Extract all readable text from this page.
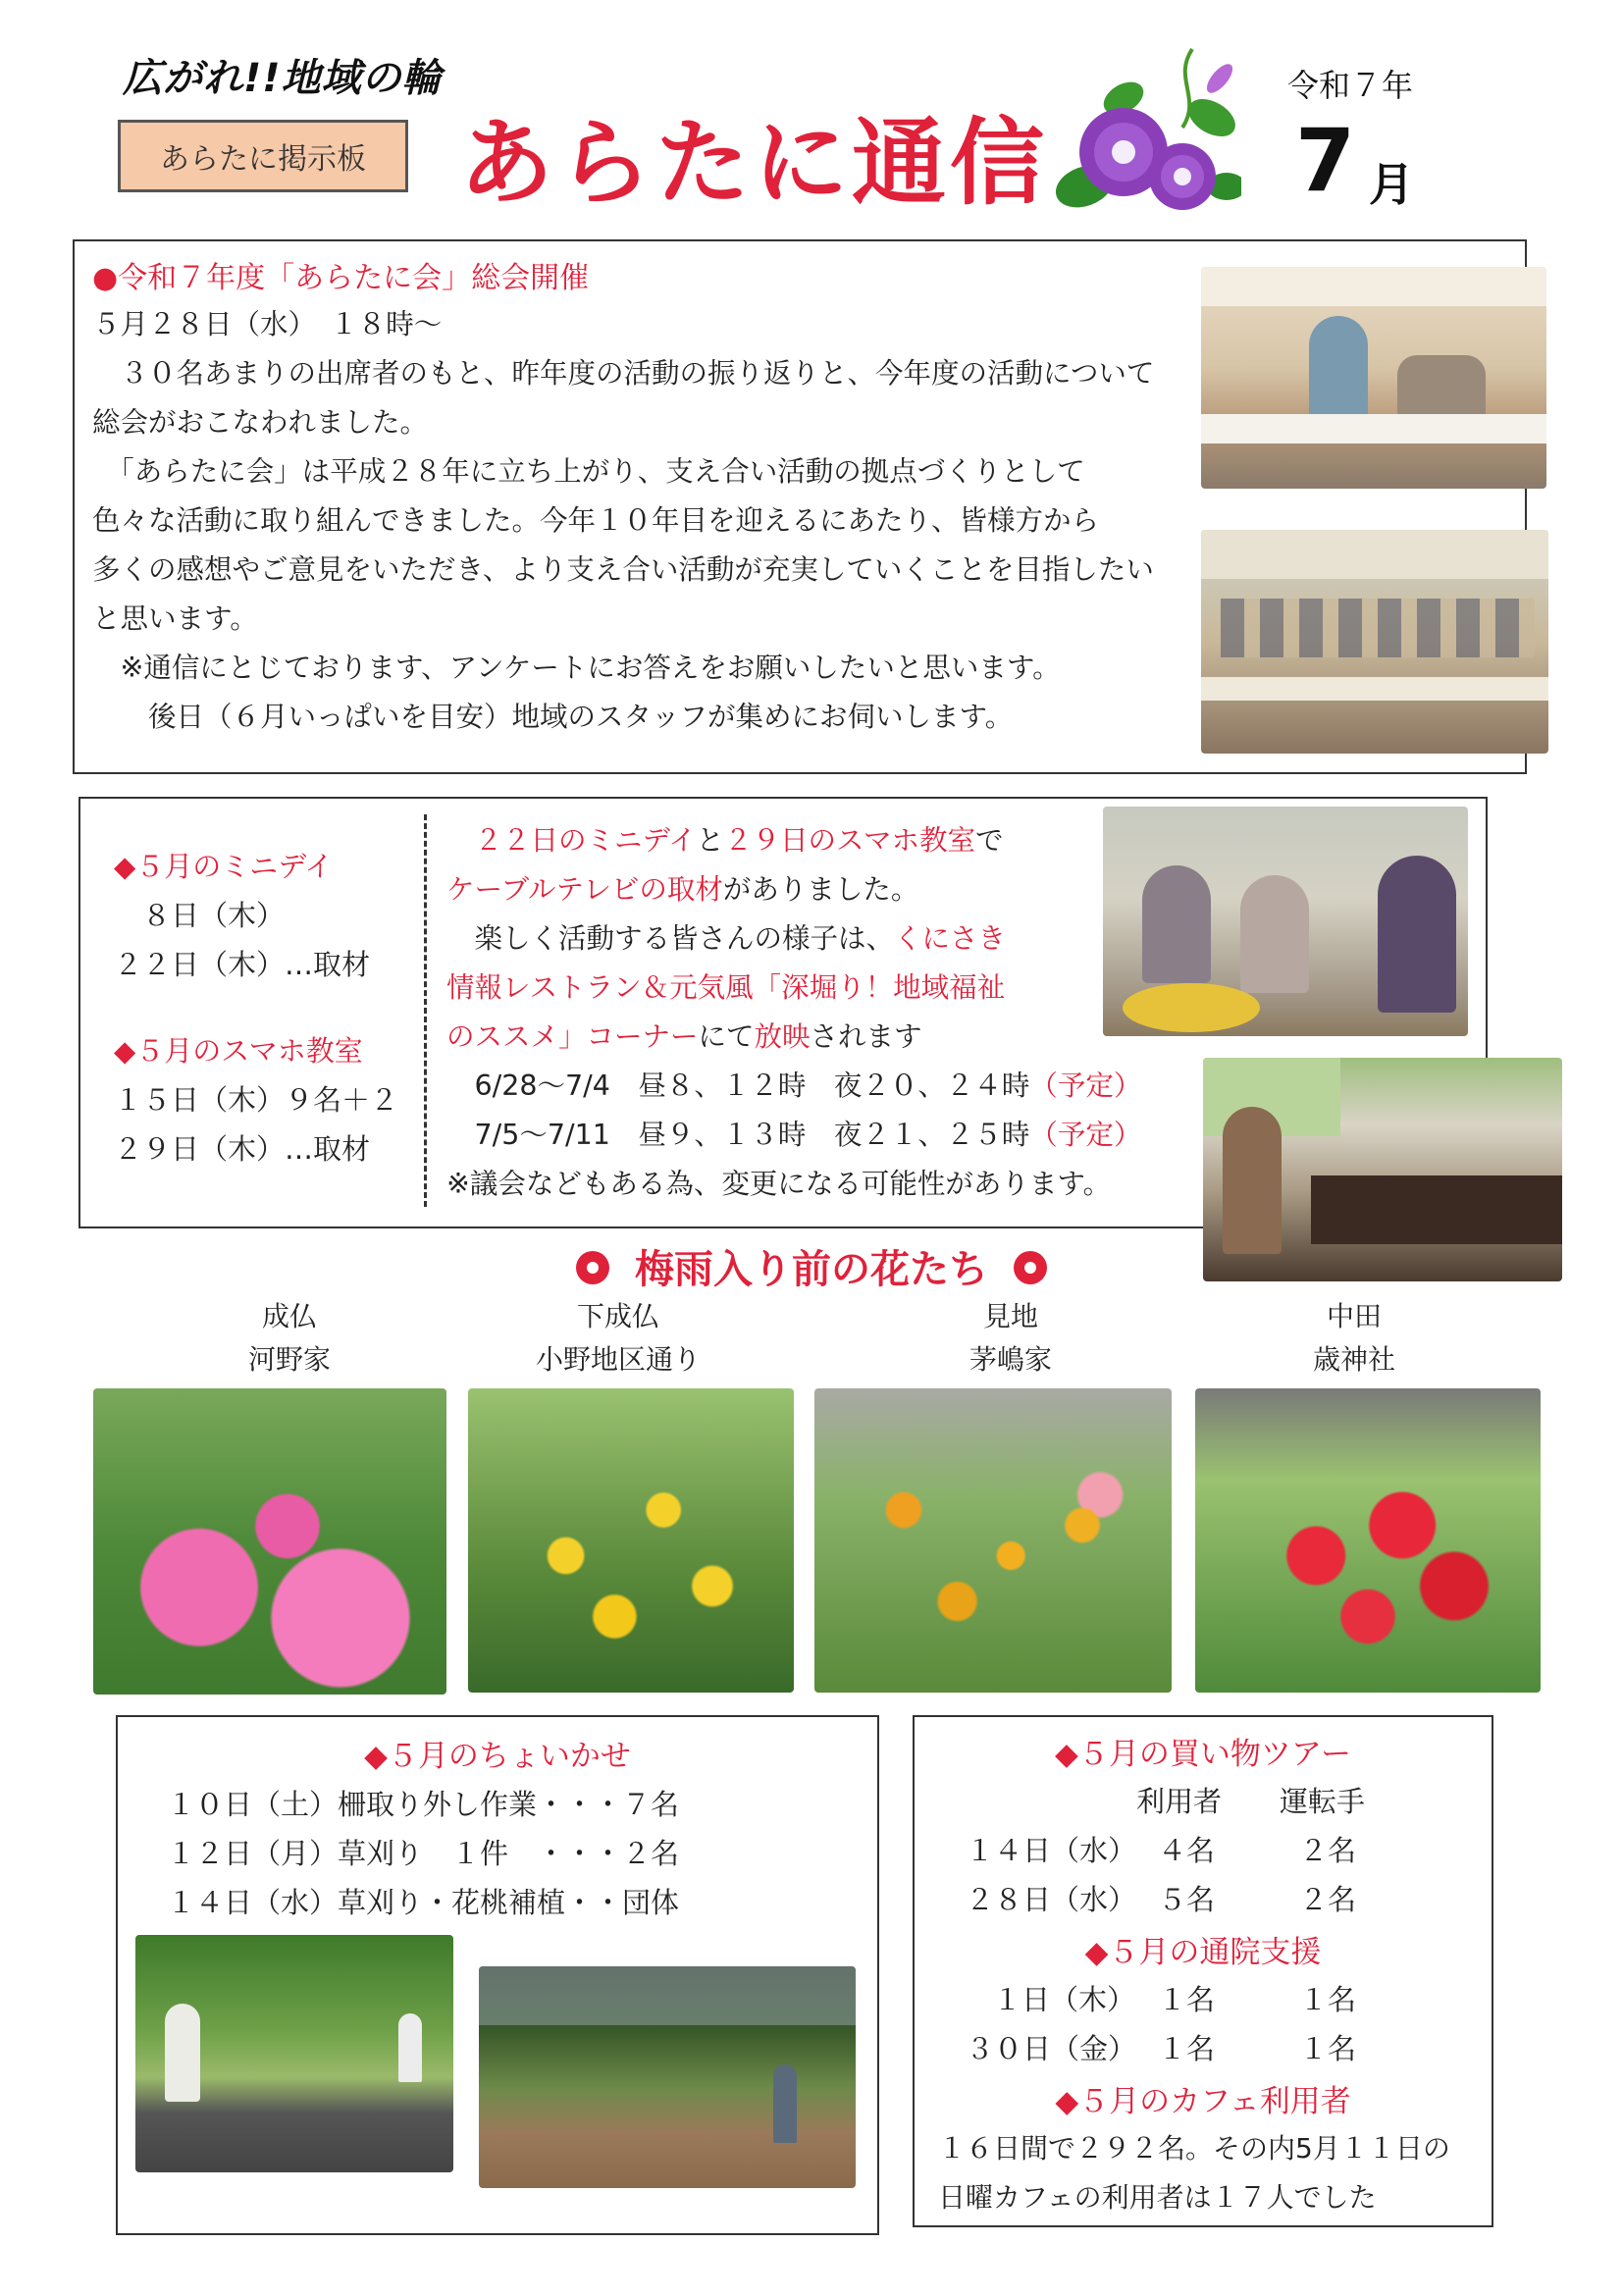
広がれ!!地域の輪
あらたに掲示板 あらたに通信
令和７年
7 月
●令和７年度「あらたに会」総会開催
５月２８日（水）　１８時～
　３０名あまりの出席者のもと、昨年度の活動の振り返りと、今年度の活動について
総会がおこなわれました。
　「あらたに会」は平成２８年に立ち上がり、支え合い活動の拠点づくりとして
色々な活動に取り組んできました。今年１０年目を迎えるにあたり、皆様方から
多くの感想やご意見をいただき、より支え合い活動が充実していくことを目指したい
と思います。
　※通信にとじております、アンケートにお答えをお願いしたいと思います。
　　後日（６月いっぱいを目安）地域のスタッフが集めにお伺いします。
◆５月のミニデイ
　８日（木）
２２日（木）…取材
◆５月のスマホ教室
１５日（木）９名＋２
２９日（木）…取材
　２２日のミニデイと２９日のスマホ教室で
ケーブルテレビの取材がありました。
　楽しく活動する皆さんの様子は、くにさき
情報レストラン＆元気風「深堀り！地域福祉
のススメ」コーナーにて放映されます
　6/28～7/4　昼８、１２時　夜２０、２４時（予定）
　7/5～7/11　昼９、１３時　夜２１、２５時（予定）
※議会などもある為、変更になる可能性があります。
梅雨入り前の花たち
成仏
河野家
下成仏
小野地区通り
見地
茅嶋家
中田
歳神社
◆５月のちょいかせ
１０日（土）柵取り外し作業・・・７名
１２日（月）草刈り　１件　・・・２名
１４日（水）草刈り・花桃補植・・団体
◆５月の買い物ツアー
利用者 運転手
１４日（水） ４名	２名
２８日（水） ５名	２名
◆５月の通院支援
１日（木） １名	１名
３０日（金） １名	１名
◆５月のカフェ利用者
１６日間で２９２名。その内5月１１日の
日曜カフェの利用者は１７人でした
